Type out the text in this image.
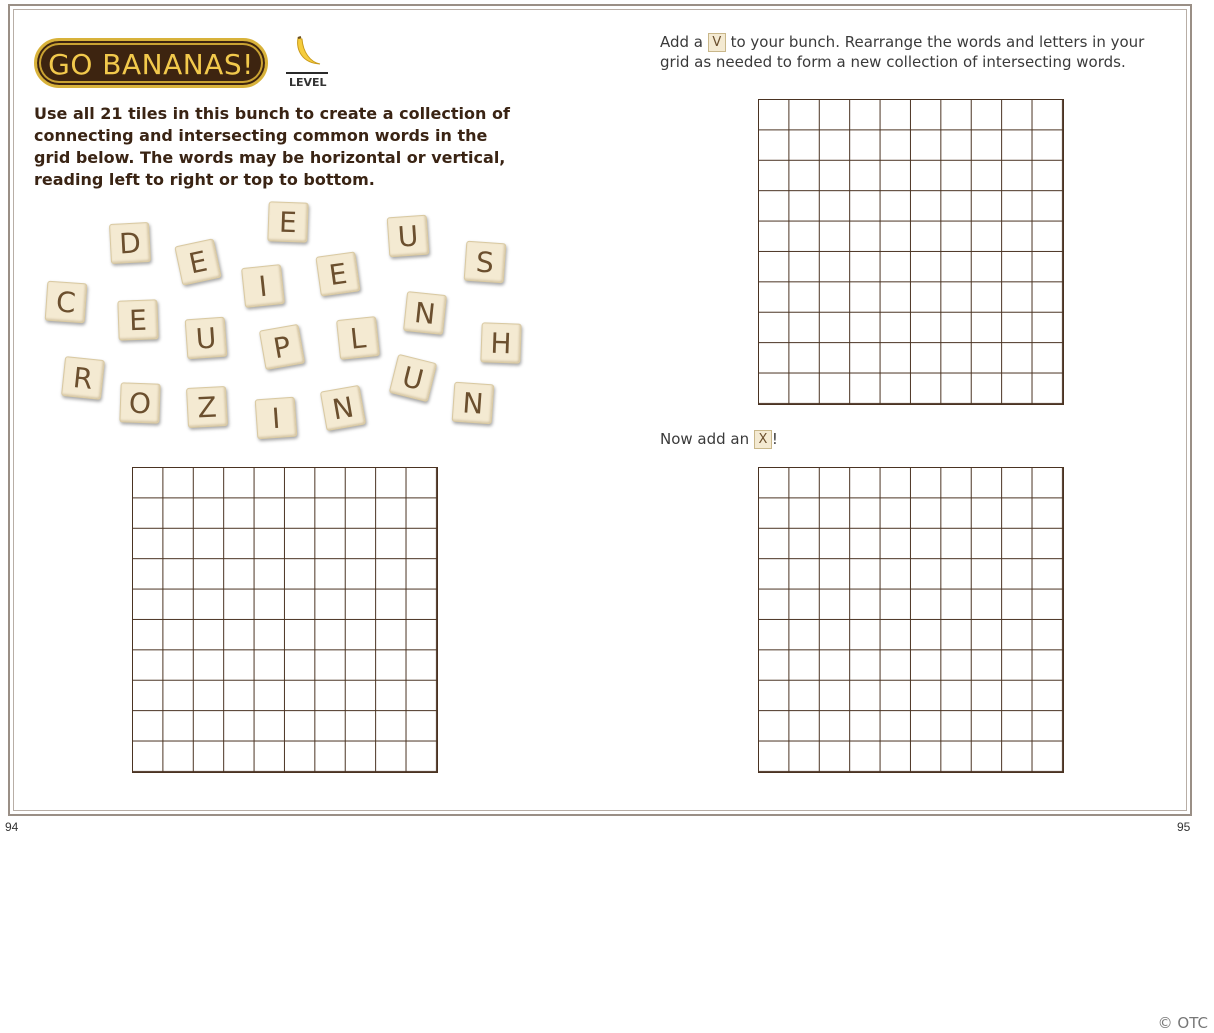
GO BANANAS!
LEVEL

Use all 21 tiles in this bunch to create a collection of connecting and intersecting common words in the grid below. The words may be horizontal or vertical, reading left to right or top to bottom.

D
E
E	U
S
I	E
C
E	N
U	P	L	H
R
O	Z	I	N
U
N

Add a V to your bunch. Rearrange the words and letters in your grid as needed to form a new collection of intersecting words.

Now add an X !
94	95
© OTC
